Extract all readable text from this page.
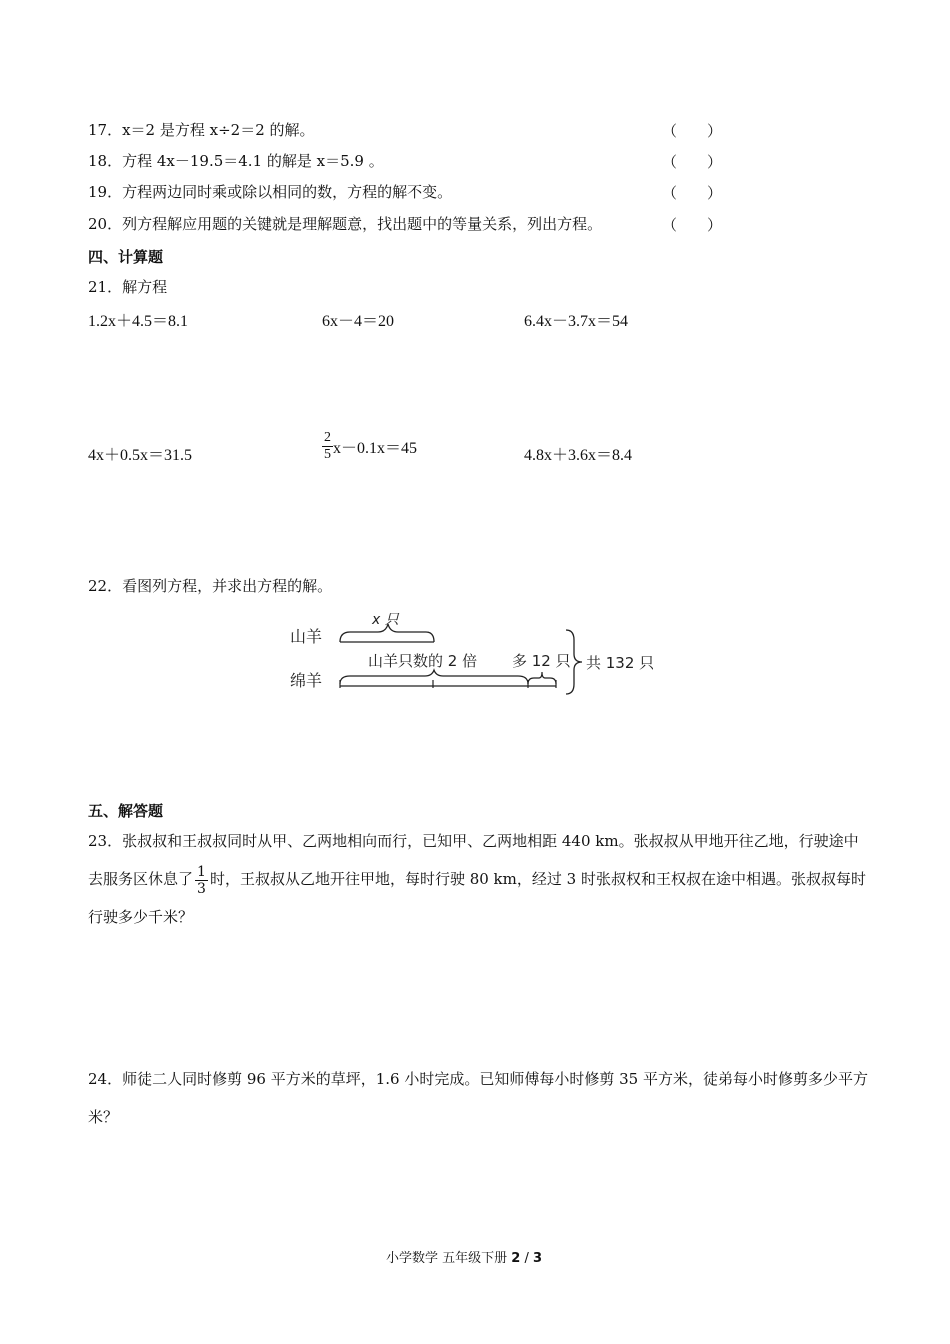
17．x＝2 是方程 x÷2＝2 的解。	（　　）
18．方程 4x－19.5＝4.1 的解是 x＝5.9 。	（　　）
19．方程两边同时乘或除以相同的数，方程的解不变。	（　　）
20．列方程解应用题的关键就是理解题意，找出题中的等量关系，列出方程。	（　　）
四、计算题
21．解方程
1.2x＋4.5＝8.1	6x－4＝20	6.4x－3.7x＝54
4x＋0.5x＝31.5	$\frac{2}{5} x-0.1x=45$	4.8x＋3.6x＝8.4
22．看图列方程，并求出方程的解。
山羊
x 只
山羊只数的 2 倍 多 12 只
绵羊
共 132 只
五、解答题
23．张叔叔和王叔叔同时从甲、乙两地相向而行，已知甲、乙两地相距 440 km。张叔叔从甲地开往乙地，行驶途中去服务区休息了 $\frac{1}{3}$ 时，王叔叔从乙地开往甲地，每时行驶 80 km，经过 3 时张叔权和王权叔在途中相遇。张叔叔每时行驶多少千米？
24．师徒二人同时修剪 96 平方米的草坪，1.6 小时完成。已知师傅每小时修剪 35 平方米，徒弟每小时修剪多少平方米？
小学数学 五年级下册 2 / 3
